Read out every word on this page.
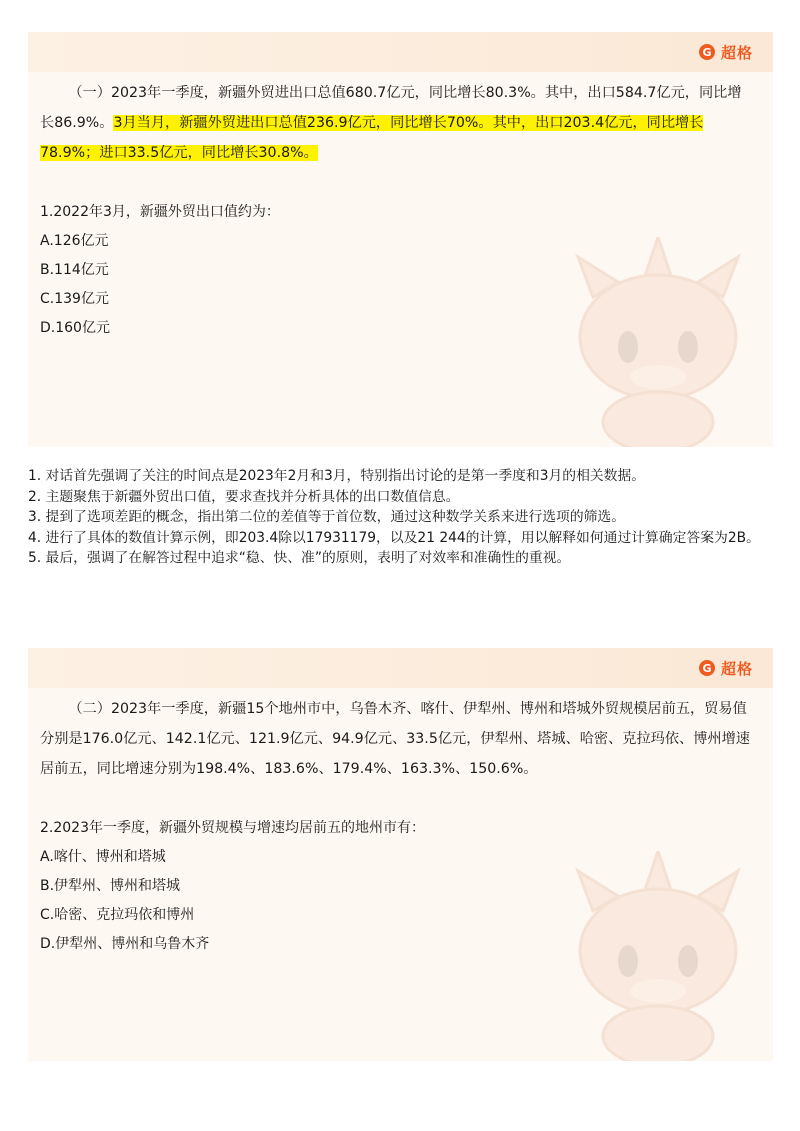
G 超格

（一）2023年一季度，新疆外贸进出口总值680.7亿元，同比增长80.3%。其中，出口584.7亿元，同比增长86.9%。3月当月，新疆外贸进出口总值236.9亿元，同比增长70%。其中，出口203.4亿元，同比增长78.9%；进口33.5亿元，同比增长30.8%。

1.2022年3月，新疆外贸出口值约为：
A.126亿元
B.114亿元
C.139亿元
D.160亿元

1. 对话首先强调了关注的时间点是2023年2月和3月，特别指出讨论的是第一季度和3月的相关数据。

2. 主题聚焦于新疆外贸出口值，要求查找并分析具体的出口数值信息。

3. 提到了选项差距的概念，指出第二位的差值等于首位数，通过这种数学关系来进行选项的筛选。

4. 进行了具体的数值计算示例，即203.4除以17931179，以及21 244的计算，用以解释如何通过计算确定答案为2B。

5. 最后，强调了在解答过程中追求“稳、快、准”的原则，表明了对效率和准确性的重视。

G 超格

（二）2023年一季度，新疆15个地州市中，乌鲁木齐、喀什、伊犁州、博州和塔城外贸规模居前五，贸易值分别是176.0亿元、142.1亿元、121.9亿元、94.9亿元、33.5亿元，伊犁州、塔城、哈密、克拉玛依、博州增速居前五，同比增速分别为198.4%、183.6%、179.4%、163.3%、150.6%。

2.2023年一季度，新疆外贸规模与增速均居前五的地州市有：
A.喀什、博州和塔城
B.伊犁州、博州和塔城
C.哈密、克拉玛依和博州
D.伊犁州、博州和乌鲁木齐
